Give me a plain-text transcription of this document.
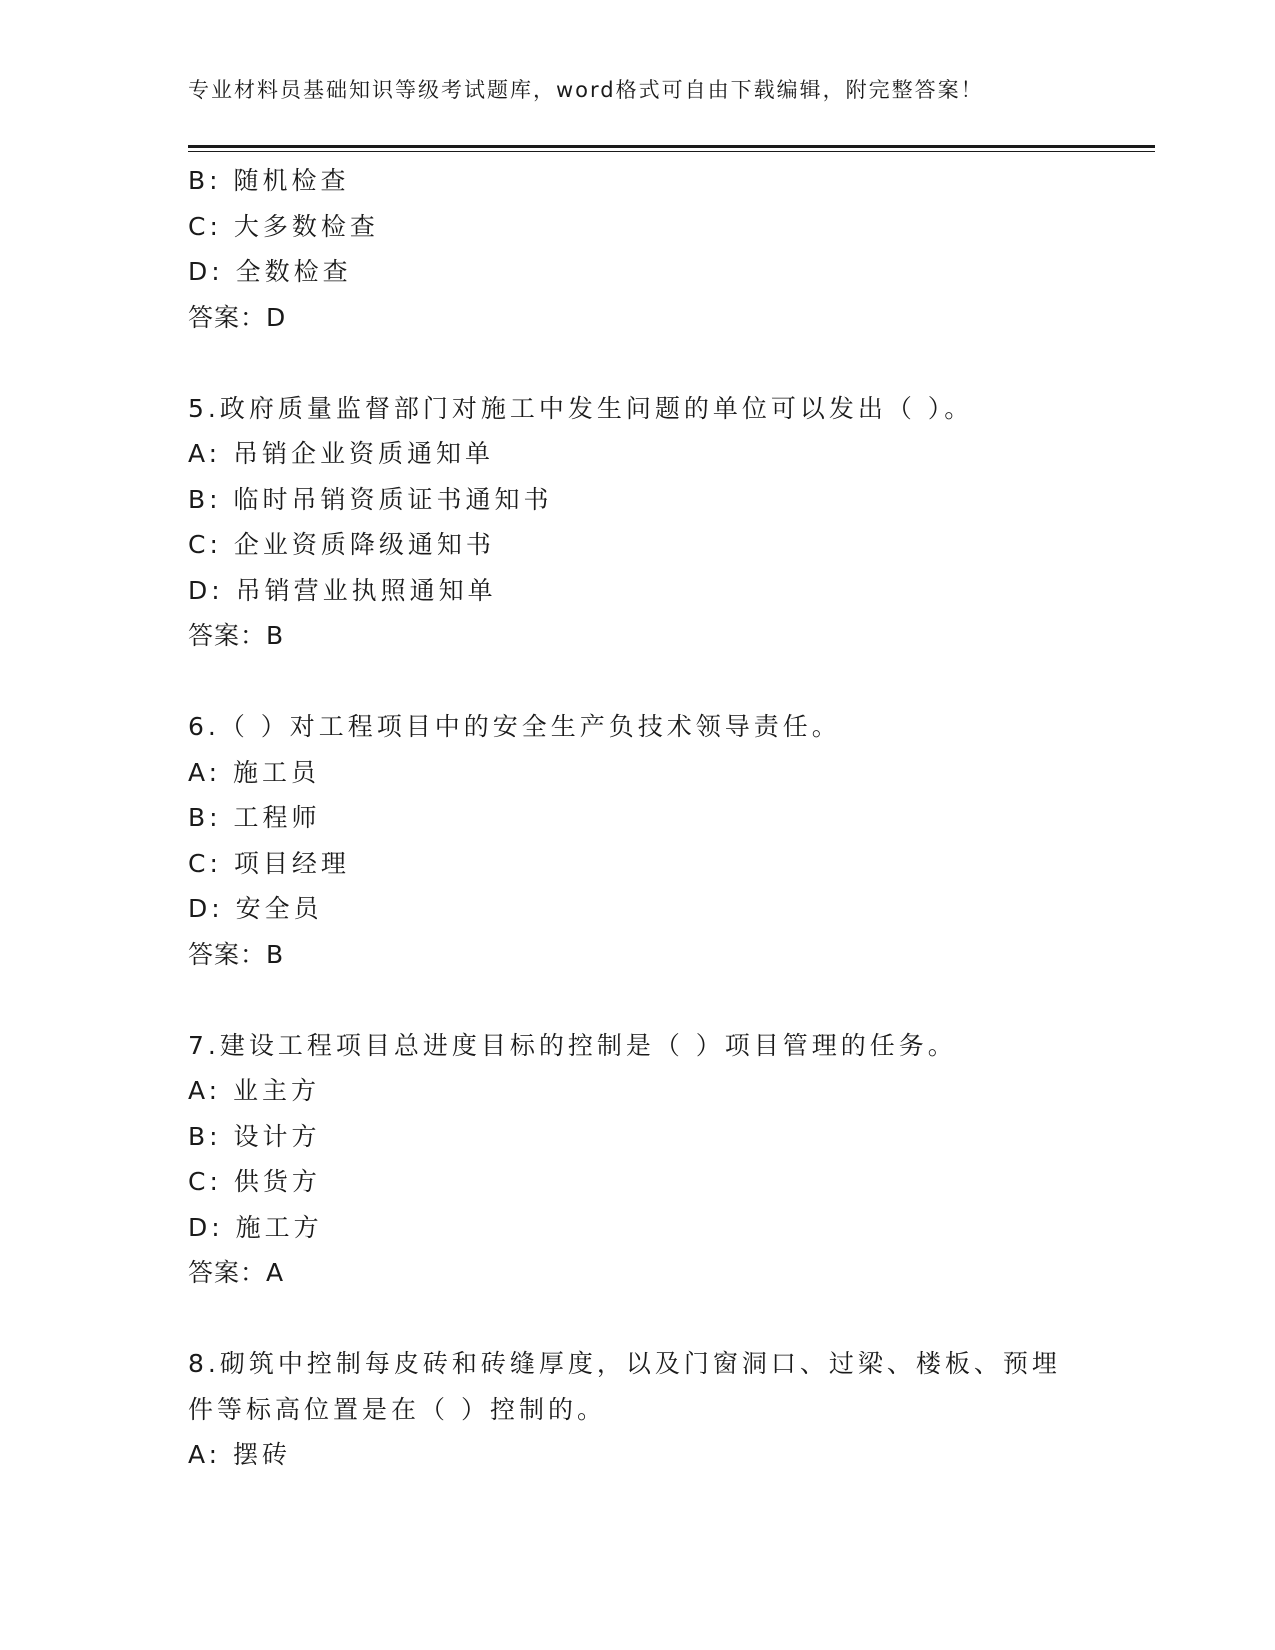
专业材料员基础知识等级考试题库，word格式可自由下载编辑，附完整答案！
B: 随机检查
C: 大多数检查
D: 全数检查
答案：D
5.政府质量监督部门对施工中发生问题的单位可以发出（ ）。
A: 吊销企业资质通知单
B: 临时吊销资质证书通知书
C: 企业资质降级通知书
D: 吊销营业执照通知单
答案：B
6.（ ）对工程项目中的安全生产负技术领导责任。
A: 施工员
B: 工程师
C: 项目经理
D: 安全员
答案：B
7.建设工程项目总进度目标的控制是（ ）项目管理的任务。
A: 业主方
B: 设计方
C: 供货方
D: 施工方
答案：A
8.砌筑中控制每皮砖和砖缝厚度，以及门窗洞口、过梁、楼板、预埋
件等标高位置是在（ ）控制的。
A: 摆砖
